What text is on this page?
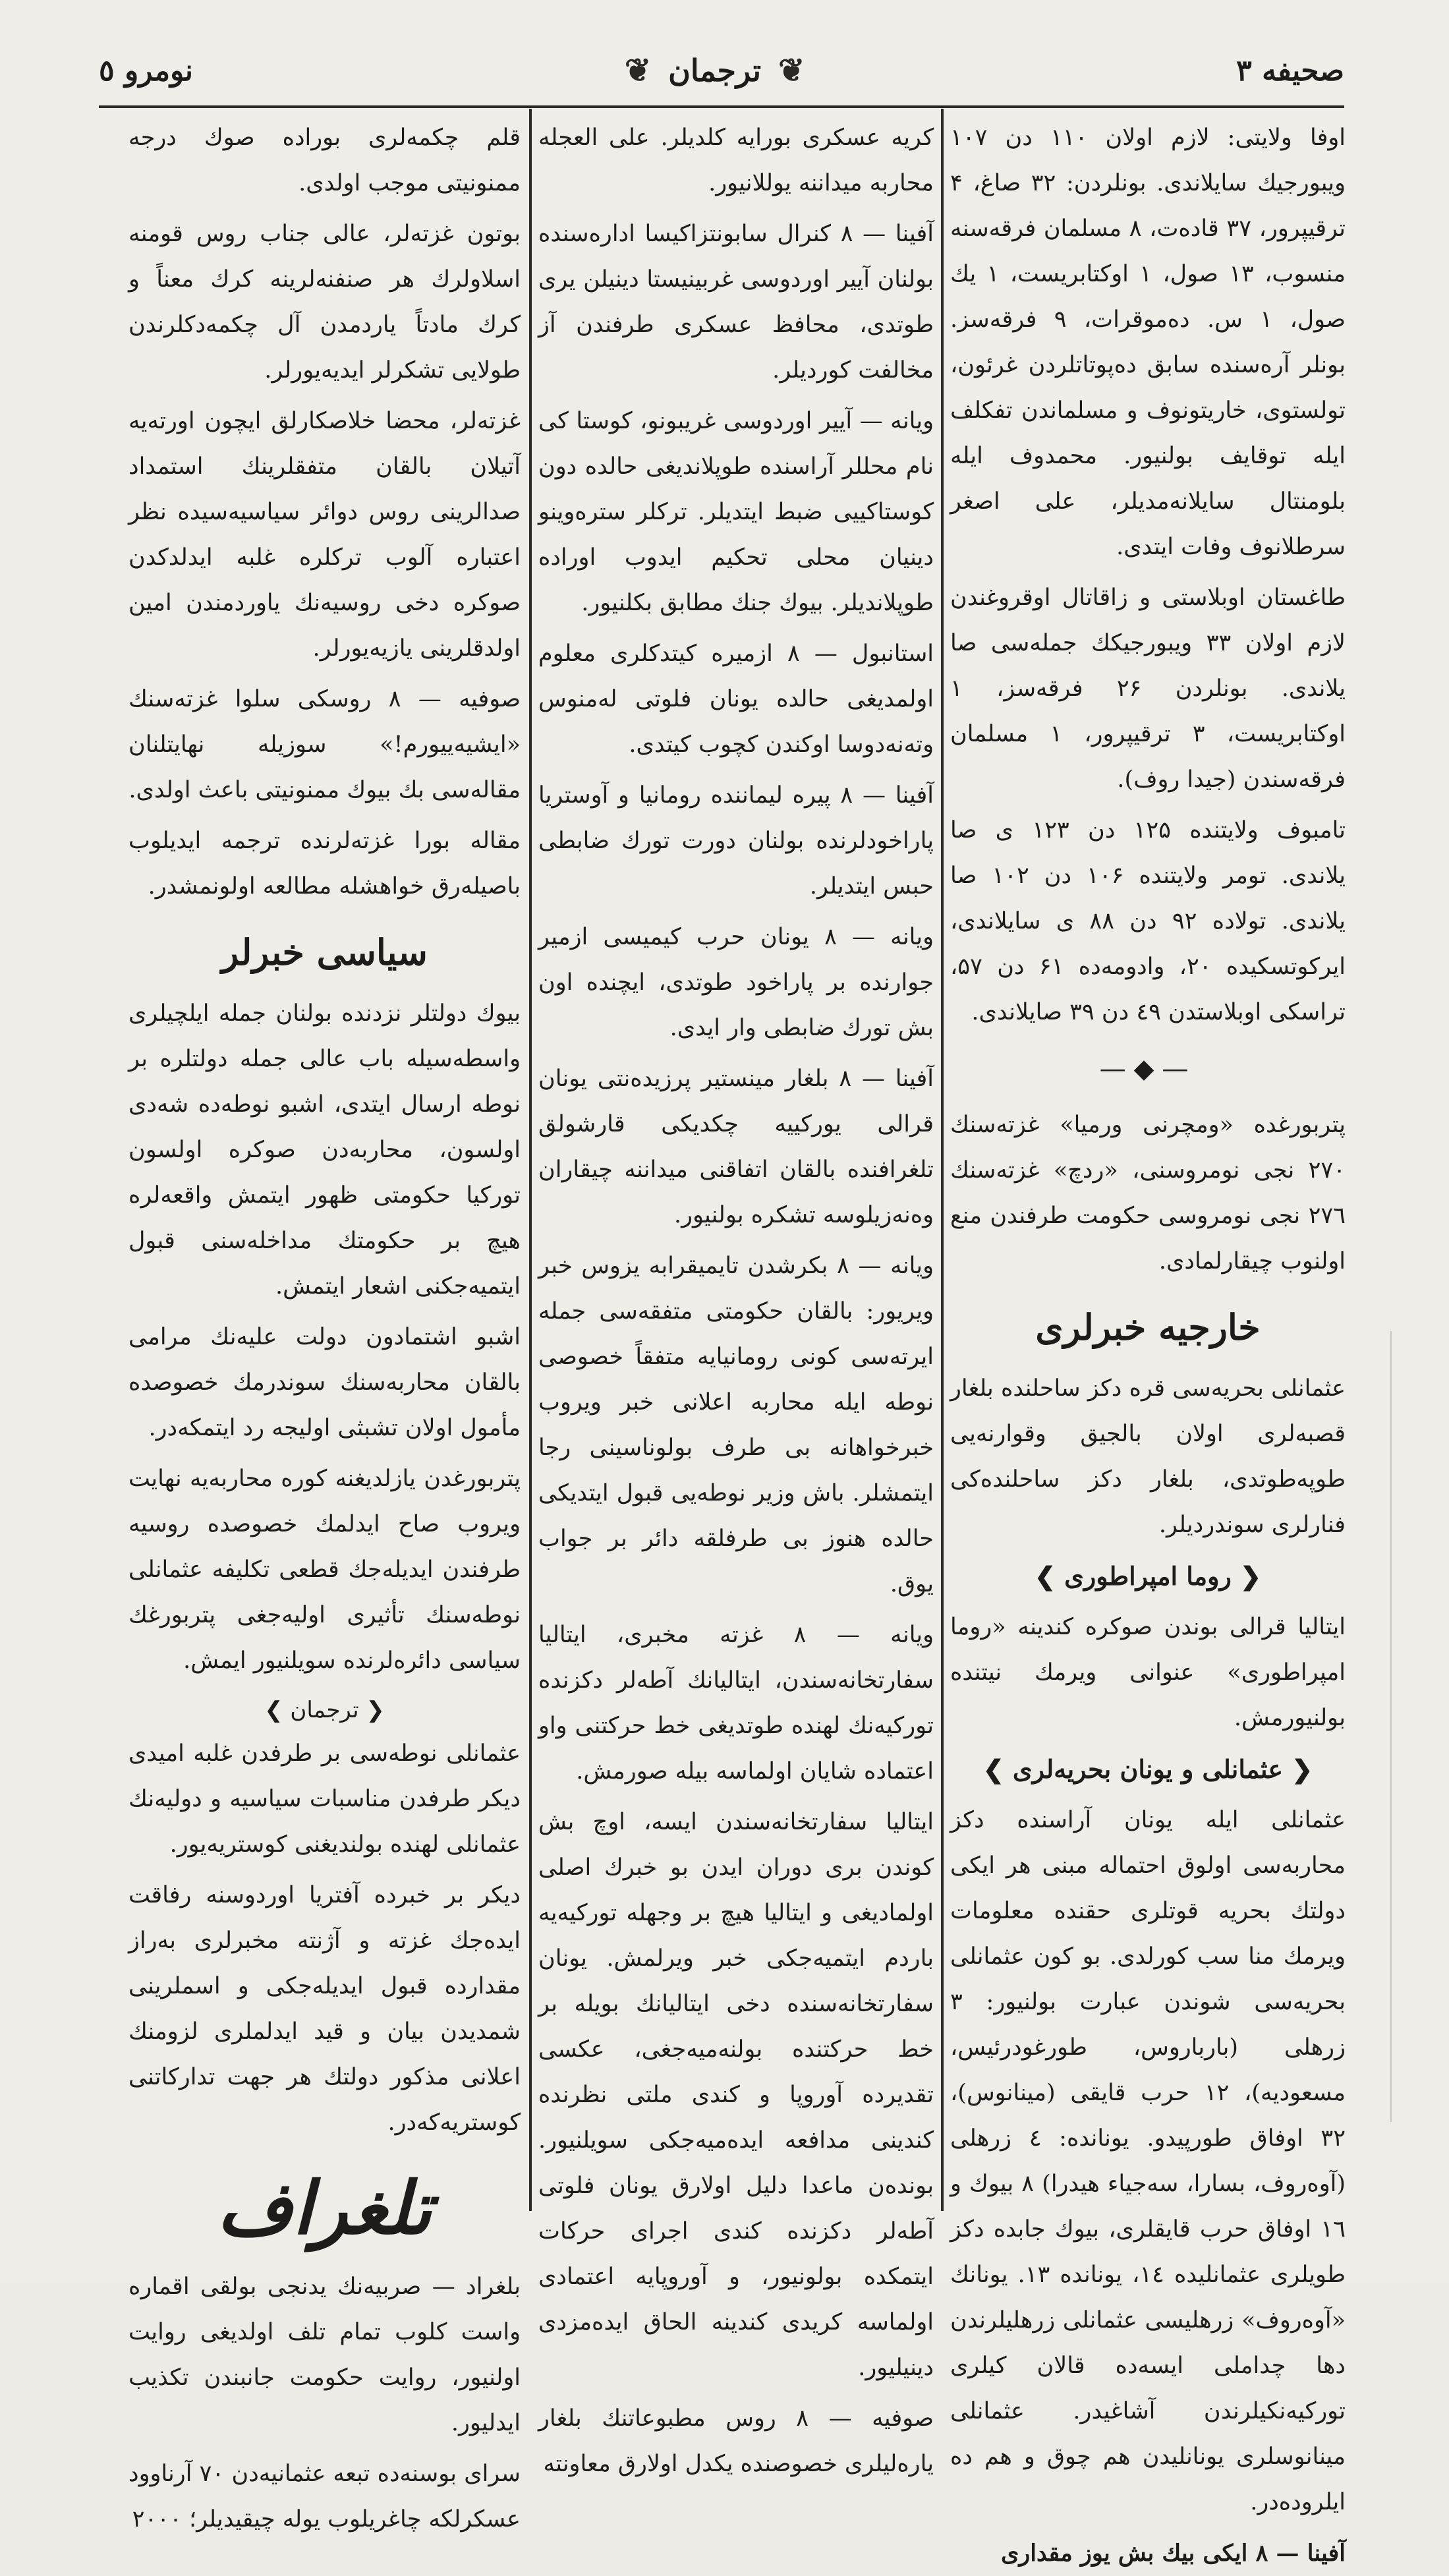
صحیفه ۳
❦
ترجمان
❦
نومرو ٥

اوفا ولایتی: لازم اولان ۱۱۰ دن ۱۰۷ ویبورجیك سایلاندی. بونلردن: ۳۲ صاغ، ۴ ترقیپرور، ۳۷ قادەت، ۸ مسلمان فرقەسنە منسوب، ۱۳ صول، ۱ اوکتابریست، ۱ یك صول، ۱ س. دەموقرات، ۹ فرقەسز. بونلر آرەسندە سابق دەپوتاتلردن غرئون، تولستوی، خاریتونوف و مسلماندن تفکلف ایلە توقایف بولنیور. محمدوف ایلە بلومنتال سایلانەمدیلر، علی اصغر سرطلانوف وفات ایتدی.

طاغستان اوبلاستی و زاقاتال اوقروغندن لازم اولان ۳۳ ویبورجیکك جملەسی صا یلاندی. بونلردن ۲۶ فرقەسز، ۱ اوکتابریست، ۳ ترقیپرور، ۱ مسلمان فرقەسندن (جیدا روف).

تامبوف ولایتندە ۱۲۵ دن ۱۲۳ ی صا یلاندی. تومر ولایتندە ۱۰۶ دن ۱۰۲ صا یلاندی. تولادە ۹۲ دن ۸۸ ی سایلاندی، ایرکوتسکیدە ۲۰، وادومەدە ۶۱ دن ۵۷، تراسکی اوبلاستدن ٤۹ دن ۳۹ صایلاندی.

—◆—

پتربورغدە «ومچرنی ورمیا» غزتەسنك ۲۷۰ نجی نومروسنی، «ردچ» غزتەسنك ۲۷٦ نجی نومروسی حکومت طرفندن منع اولنوب چیقارلمادی.

خارجیە خبرلری

عثمانلی بحریەسی قرە دکز ساحلندە بلغار قصبەلری اولان بالجیق وقوارنەیی طوپەطوتدی، بلغار دکز ساحلندەکی فنارلری سوندردیلر.

❮ روما امپراطوری ❯

ایتالیا قرالی بوندن صوکرە کندینە «روما امپراطوری» عنوانی ویرمك نیتندە بولنیورمش.

❮ عثمانلی و یونان بحریەلری ❯

عثمانلی ایلە یونان آراسندە دکز محاربەسی اولوق احتمالە مبنی هر ایکی دولتك بحریە قوتلری حقندە معلومات ویرمك منا سب کورلدی. بو کون عثمانلی بحریەسی شوندن عبارت بولنیور: ۳ زرهلی (بارباروس، طورغودرئیس، مسعودیە)، ۱۲ حرب قایقی (مینانوس)، ۳۲ اوفاق طورپیدو. یوناندە: ٤ زرهلی (آوەروف، بسارا، سەجیاء هیدرا) ۸ بیوك و ۱٦ اوفاق حرب قایقلری، بیوك جابدە دکز طویلری عثمانلیدە ۱٤، یوناندە ۱۳. یونانك «آوەروف» زرهلیسی عثمانلی زرهلیلرندن دها چداملی ایسەدە قالان کیلری تورکیەنکیلرندن آشاغیدر. عثمانلی مینانوسلری یونانلیدن هم چوق و هم دە ایلرودەدر.

آفینا — ۸ ایکی بیك بش یوز مقداری

کریە عسکری بورایە کلدیلر. علی العجلە محاربە میداننە یوللانیور.

آفینا — ۸ کنرال سابونتزاکیسا ادارەسندە بولنان آییر اوردوسی غربینیستا دینیلن یری طوتدی، محافظ عسکری طرفندن آز مخالفت کوردیلر.

ویانە — آییر اوردوسی غریبونو، کوستا کی نام محللر آراسندە طوپلاندیغی حالدە دون کوستاکییی ضبط ایتدیلر. ترکلر سترەوینو دینیان محلی تحکیم ایدوب اورادە طوپلاندیلر. بیوك جنك مطابق بکلنیور.

استانبول — ۸ ازمیرە کیتدکلری معلوم اولمدیغی حالدە یونان فلوتی لەمنوس وتەنەدوسا اوکندن کچوب کیتدی.

آفینا — ۸ پیرە لیماننده رومانیا و آوستریا پاراخودلرندە بولنان دورت تورك ضابطی حبس ایتدیلر.

ویانە — ۸ یونان حرب کیمیسی ازمیر جوارندە بر پاراخود طوتدی، ایچندە اون بش تورك ضابطی وار ایدی.

آفینا — ۸ بلغار مینستیر پرزیدەنتی یونان قرالی یورکییە چکدیکی قارشولق تلغرافندە بالقان اتفاقنی میداننە چیقاران وەنەزیلوسە تشکرە بولنیور.

ویانە — ۸ بکرشدن تایمیقرابە یزوس خبر ویریور: بالقان حکومتی متفقەسی جملە ایرتەسی کونی رومانیایە متفقاً خصوصی نوطە ایلە محاربە اعلانی خبر ویروب خبرخواهانە بی طرف بولوناسینی رجا ایتمشلر. باش وزیر نوطەیی قبول ایتدیکی حالدە هنوز بی طرفلقە دائر بر جواب یوق.

ویانە — ۸ غزتە مخبری، ایتالیا سفارتخانەسندن، ایتالیانك آطەلر دکزندە تورکیەنك لهندە طوتدیغی خط حرکتنی واو اعتمادە شایان اولماسە بیلە صورمش.

ایتالیا سفارتخانەسندن ایسە، اوچ بش کوندن بری دوران ایدن بو خبرك اصلی اولمادیغی و ایتالیا هیچ بر وجهلە تورکیەیە باردم ایتمیەجکی خبر ویرلمش. یونان سفارتخانەسندە دخی ایتالیانك بویلە بر خط حرکتندە بولنەمیەجغی، عکسی تقدیردە آوروپا و کندی ملتی نظرندە کندینی مدافعە ایدەمیەجکی سویلنیور. بوندەن ماعدا دلیل اولارق یونان فلوتی آطەلر دکزندە کندی اجرای حرکات ایتمکدە بولونیور، و آوروپایە اعتمادی اولماسە کریدی کندینە الحاق ایدەمزدی دینیلیور.

صوفیە — ۸ روس مطبوعاتنك بلغار یارەلیلری خصوصندە یکدل اولارق معاونتە

قلم چکمەلری بورادە صوك درجە ممنونیتی موجب اولدی.

بوتون غزتەلر، عالی جناب روس قومنە اسلاولرك هر صنفنەلرینە کرك معناً و کرك مادتاً یاردمدن آل چکمەدکلرندن طولایی تشکرلر ایدیەیورلر.

غزتەلر، محضا خلاصکارلق ایچون اورتەیە آتیلان بالقان متفقلرینك استمداد صدالرینی روس دوائر سیاسیەسیدە نظر اعتبارە آلوب ترکلرە غلبە ایدلدکدن صوکرە دخی روسیەنك یاوردمندن امین اولدقلرینی یازیەیورلر.

صوفیە — ۸ روسکی سلوا غزتەسنك «ایشیەییورم!» سوزیلە نهایتلنان مقالەسی بك بیوك ممنونیتی باعث اولدی.

مقالە بورا غزتەلرندە ترجمە ایدیلوب باصیلەرق خواهشلە مطالعە اولونمشدر.

سیاسی خبرلر

بیوك دولتلر نزدندە بولنان جملە ایلچیلری واسطەسیلە باب عالی جملە دولتلرە بر نوطە ارسال ایتدی، اشبو نوطەدە شەدی اولسون، محاربەدن صوکرە اولسون تورکیا حکومتی ظهور ایتمش واقعەلرە هیچ بر حکومتك مداخلەسنی قبول ایتمیەجکنی اشعار ایتمش.

اشبو اشتمادون دولت علیەنك مرامی بالقان محاربەسنك سوندرمك خصوصدە مأمول اولان تشبثی اولیجە رد ایتمکەدر.

پتربورغدن یازلدیغنە کورە محاربەیە نهایت ویروب صاح ایدلمك خصوصدە روسیە طرفندن ایدیلەجك قطعی تکلیفە عثمانلی نوطەسنك تأثیری اولیەجغی پتربورغك سیاسی دائرەلرندە سویلنیور ایمش.

❮ ترجمان ❯

عثمانلی نوطەسی بر طرفدن غلبە امیدی دیکر طرفدن مناسبات سیاسیە و دولیەنك عثمانلی لهندە بولندیغنی کوستریەیور.

دیکر بر خبردە آفتریا اوردوسنە رفاقت ایدەجك غزتە و آژنتە مخبرلری بەراز مقداردە قبول ایدیلەجکی و اسملرینی شمدیدن بیان و قید ایدلملری لزومنك اعلانی مذکور دولتك هر جهت تدارکاتنی کوستریەکەدر.

تلغراف

بلغراد — صربیەنك یدنجی بولقی اقمارە واست کلوب تمام تلف اولدیغی روایت اولنیور، روایت حکومت جانبندن تکذیب ایدلیور.

سرای بوسنەدە تبعە عثمانیەدن ۷۰ آرناوود عسکرلکە چاغریلوب یولە چیقیدیلر؛ ۲۰۰۰
